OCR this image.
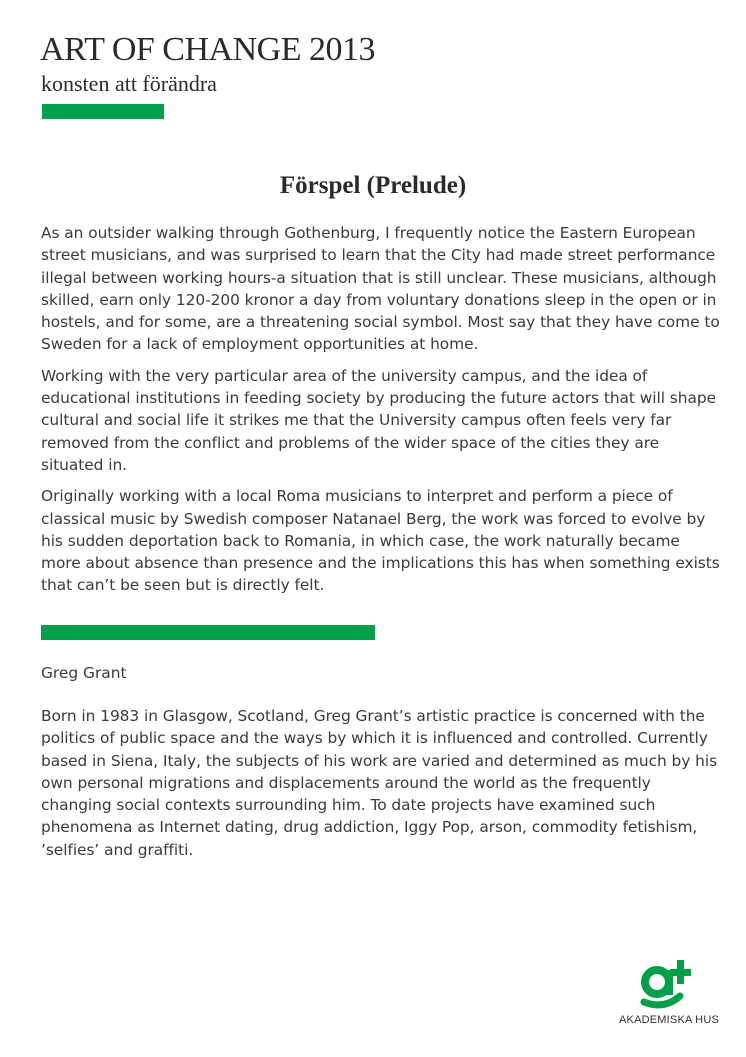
ART OF CHANGE 2013
konsten att förändra
Förspel (Prelude)

As an outsider walking through Gothenburg, I frequently notice the Eastern European street musicians, and was surprised to learn that the City had made street performance illegal between working hours-a situation that is still unclear. These musicians, although skilled, earn only 120-200 kronor a day from voluntary donations sleep in the open or in hostels, and for some, are a threatening social symbol. Most say that they have come to Sweden for a lack of employment opportunities at home.

Working with the very particular area of the university campus, and the idea of educational institutions in feeding society by producing the future actors that will shape cultural and social life it strikes me that the University campus often feels very far removed from the conflict and problems of the wider space of the cities they are situated in.

Originally working with a local Roma musicians to interpret and perform a piece of classical music by Swedish composer Natanael Berg, the work was forced to evolve by his sudden deportation back to Romania, in which case, the work naturally became more about absence than presence and the implications this has when something exists that can’t be seen but is directly felt.

Greg Grant

Born in 1983 in Glasgow, Scotland, Greg Grant’s artistic practice is concerned with the politics of public space and the ways by which it is influenced and controlled. Currently based in Siena, Italy, the subjects of his work are varied and determined as much by his own personal migrations and displacements around the world as the frequently changing social contexts surrounding him. To date projects have examined such phenomena as Internet dating, drug addiction, Iggy Pop, arson, commodity fetishism, ’selfies’ and graffiti.

AKADEMISKA HUS
